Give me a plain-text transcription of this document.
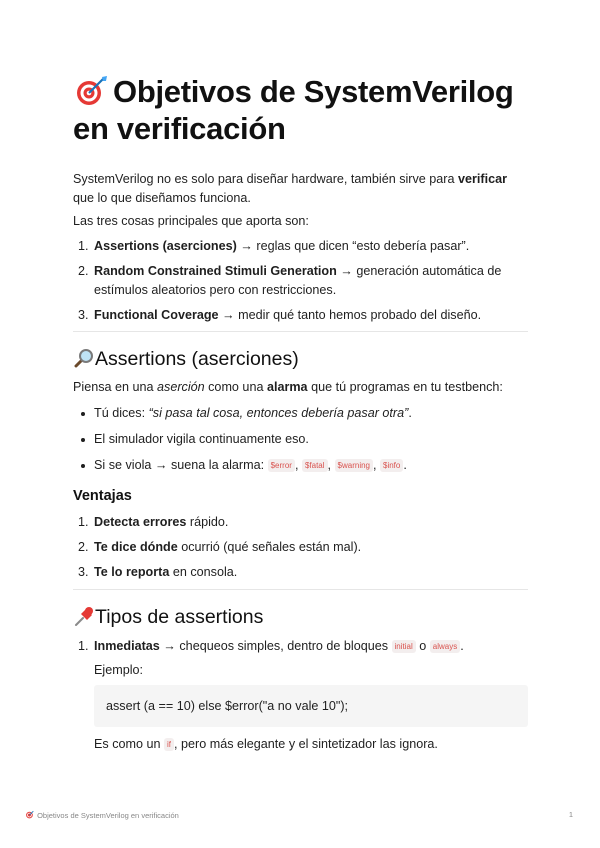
Objetivos de SystemVerilog en verificación

SystemVerilog no es solo para diseñar hardware, también sirve para verificar que lo que diseñamos funciona.

Las tres cosas principales que aporta son:

1. Assertions (aserciones) → reglas que dicen “esto debería pasar”.
2. Random Constrained Stimuli Generation → generación automática de estímulos aleatorios pero con restricciones.
3. Functional Coverage → medir qué tanto hemos probado del diseño.
Assertions (aserciones)

Piensa en una aserción como una alarma que tú programas en tu testbench:

Tú dices: “si pasa tal cosa, entonces debería pasar otra”.
El simulador vigila continuamente eso.
Si se viola → suena la alarma: $error , $fatal , $warning , $info .
Ventajas
1. Detecta errores rápido.
2. Te dice dónde ocurrió (qué señales están mal).
3. Te lo reporta en consola.
Tipos de assertions
1. Inmediatas → chequeos simples, dentro de bloques initial o always .

Ejemplo:

assert (a == 10) else $error("a no vale 10");

Es como un if , pero más elegante y el sintetizador las ignora.

Objetivos de SystemVerilog en verificación	1
